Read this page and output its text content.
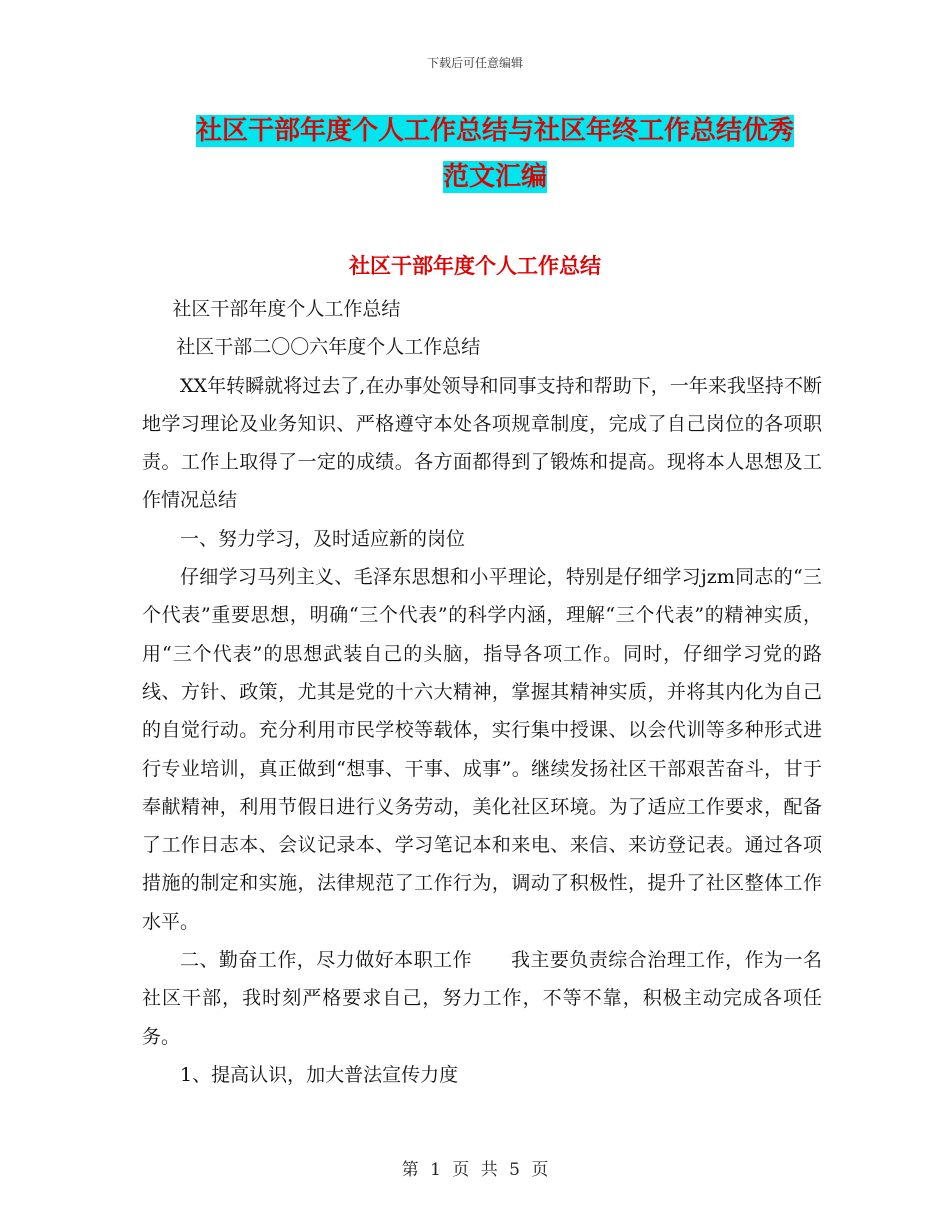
下载后可任意编辑
社区干部年度个人工作总结与社区年终工作总结优秀
范文汇编
社区干部年度个人工作总结

社区干部年度个人工作总结

社区干部二〇〇六年度个人工作总结

XX年转瞬就将过去了,在办事处领导和同事支持和帮助下，一年来我坚持不断地学习理论及业务知识、严格遵守本处各项规章制度，完成了自己岗位的各项职责。工作上取得了一定的成绩。各方面都得到了锻炼和提高。现将本人思想及工作情况总结

一、努力学习，及时适应新的岗位

仔细学习马列主义、毛泽东思想和小平理论，特别是仔细学习jzm同志的“三个代表”重要思想，明确“三个代表”的科学内涵，理解“三个代表”的精神实质，用“三个代表”的思想武装自己的头脑，指导各项工作。同时，仔细学习党的路线、方针、政策，尤其是党的十六大精神，掌握其精神实质，并将其内化为自己的自觉行动。充分利用市民学校等载体，实行集中授课、以会代训等多种形式进行专业培训，真正做到“想事、干事、成事”。继续发扬社区干部艰苦奋斗，甘于奉献精神，利用节假日进行义务劳动，美化社区环境。为了适应工作要求，配备了工作日志本、会议记录本、学习笔记本和来电、来信、来访登记表。通过各项措施的制定和实施，法律规范了工作行为，调动了积极性，提升了社区整体工作水平。

二、勤奋工作，尽力做好本职工作　　我主要负责综合治理工作，作为一名社区干部，我时刻严格要求自己，努力工作，不等不靠，积极主动完成各项任务。

1、提高认识，加大普法宣传力度

第 1 页 共 5 页
